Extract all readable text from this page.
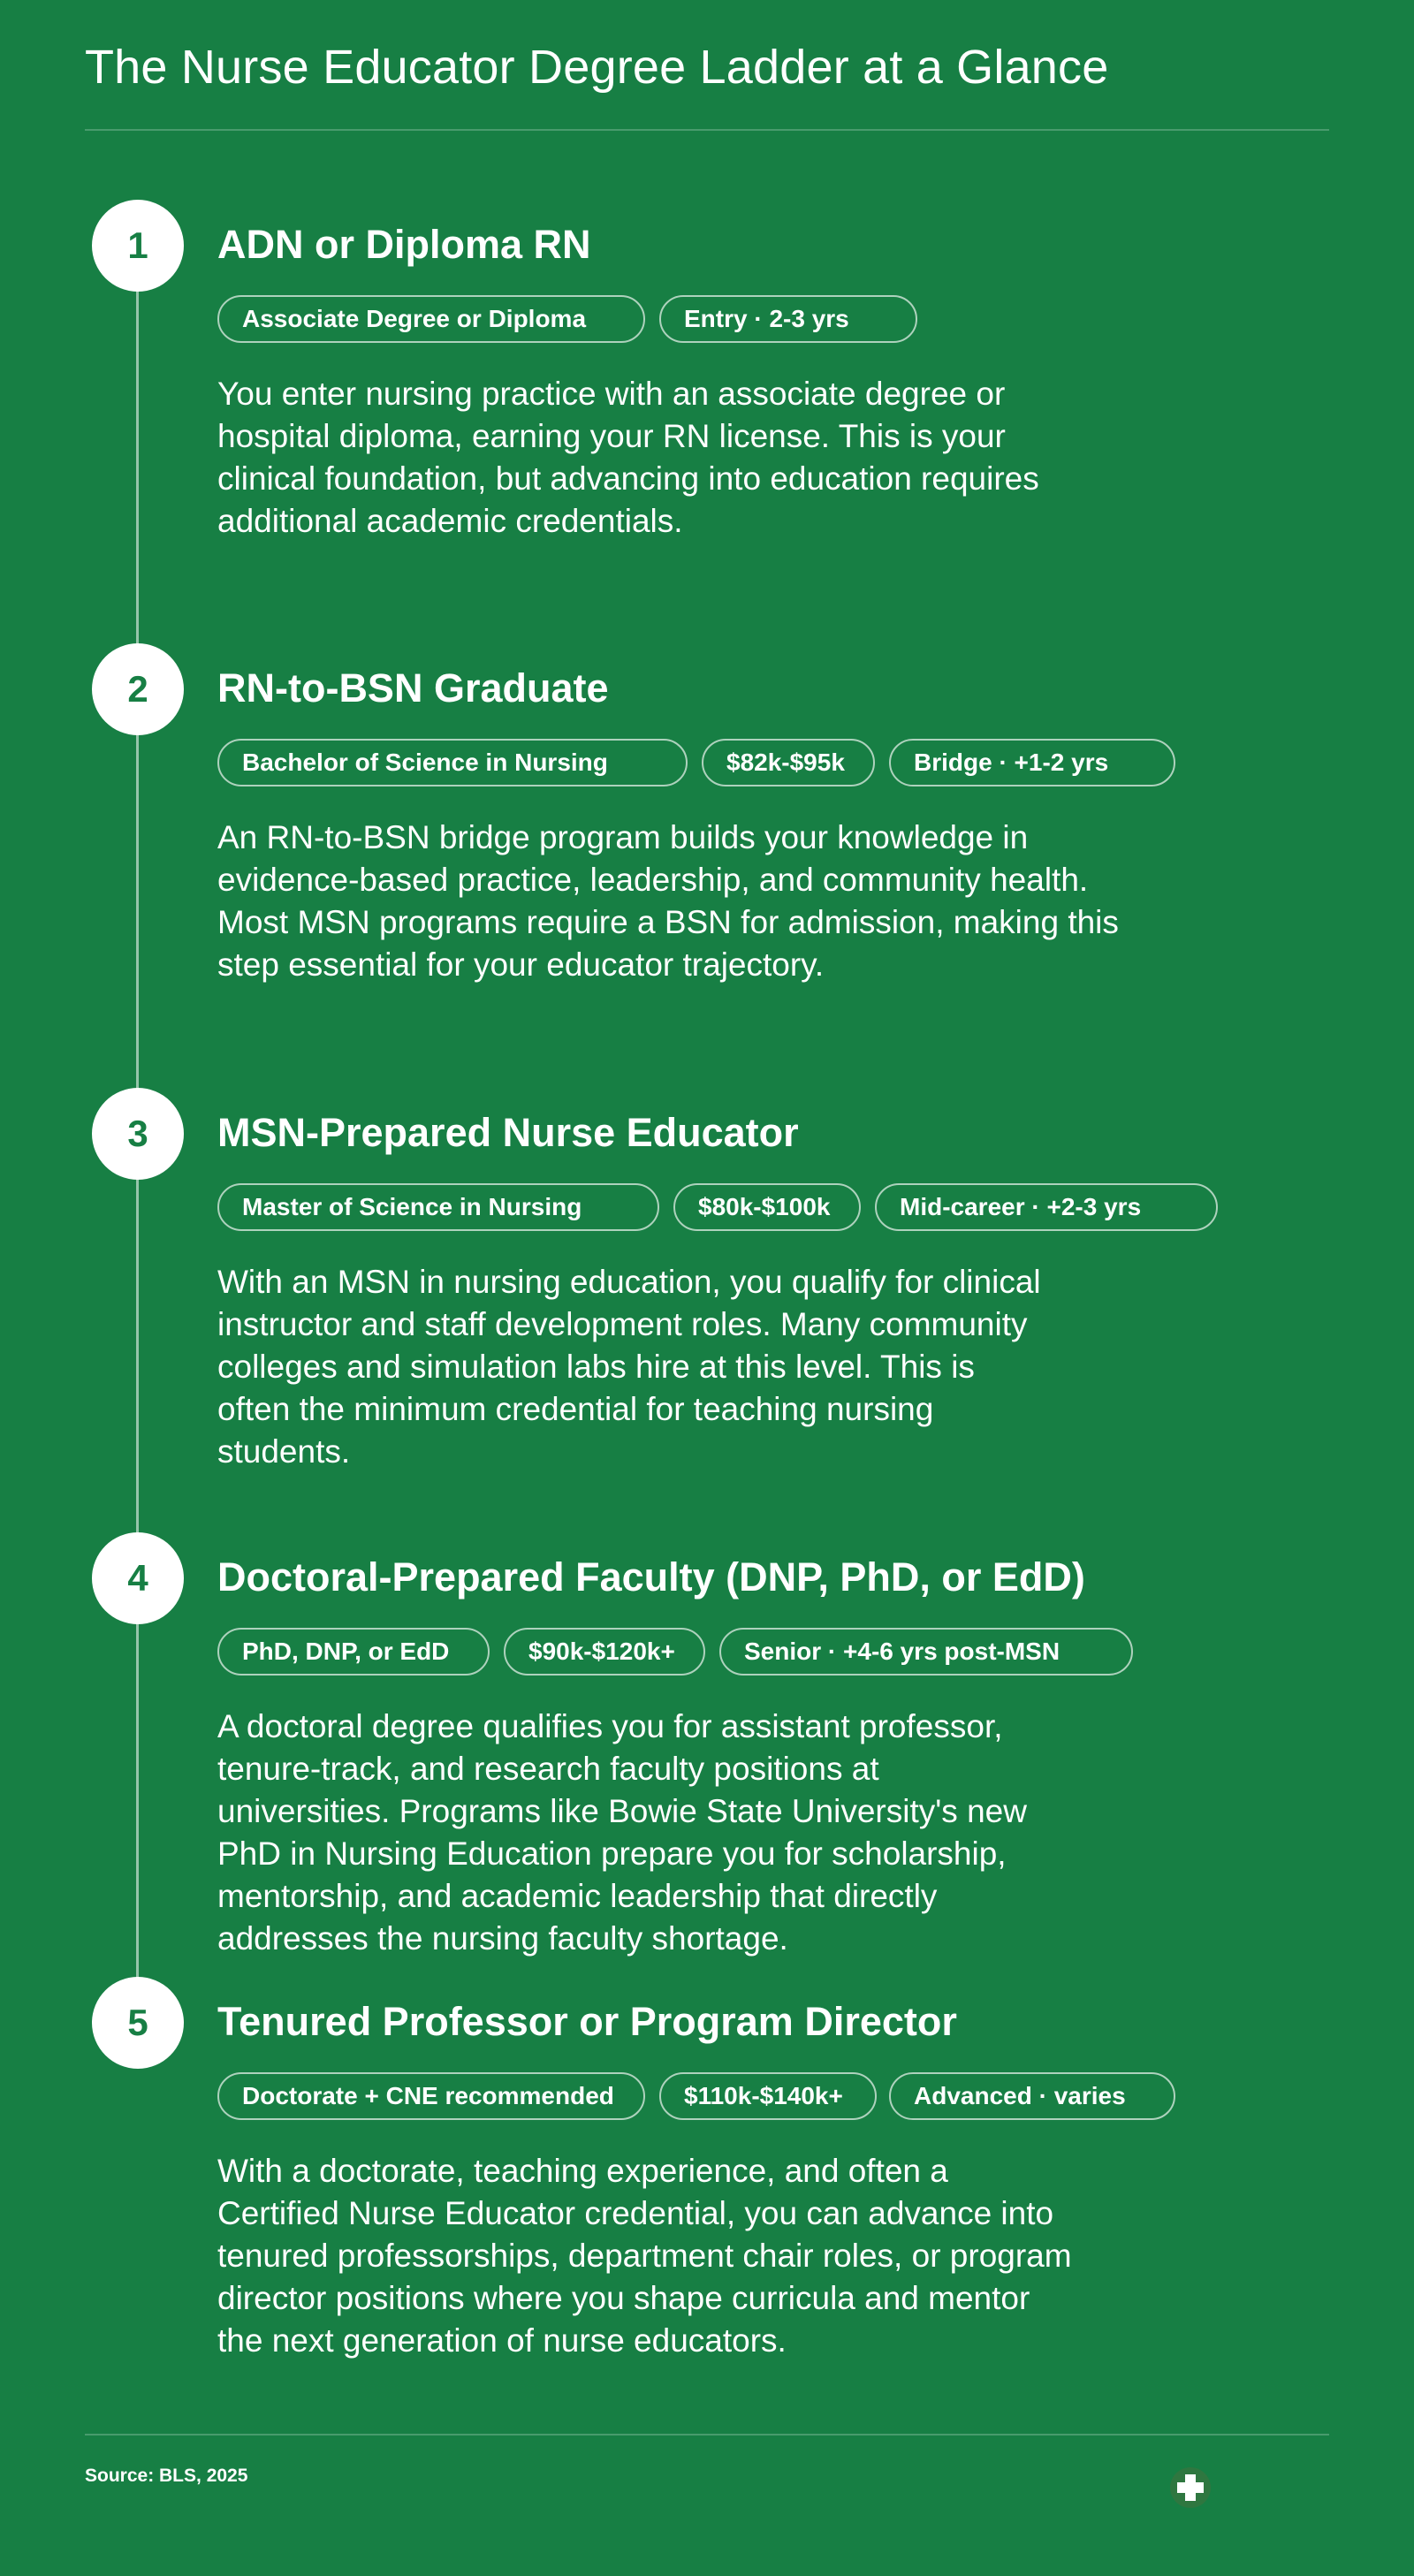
The Nurse Educator Degree Ladder at a Glance
1	ADN or Diploma RN
Associate Degree or Diploma	Entry · 2-3 yrs

You enter nursing practice with an associate degree or
hospital diploma, earning your RN license. This is your
clinical foundation, but advancing into education requires
additional academic credentials.

2	RN-to-BSN Graduate
Bachelor of Science in Nursing	$82k-$95k	Bridge · +1-2 yrs

An RN-to-BSN bridge program builds your knowledge in
evidence-based practice, leadership, and community health.
Most MSN programs require a BSN for admission, making this
step essential for your educator trajectory.

3	MSN-Prepared Nurse Educator
Master of Science in Nursing	$80k-$100k	Mid-career · +2-3 yrs

With an MSN in nursing education, you qualify for clinical
instructor and staff development roles. Many community
colleges and simulation labs hire at this level. This is
often the minimum credential for teaching nursing
students.

4	Doctoral-Prepared Faculty (DNP, PhD, or EdD)
PhD, DNP, or EdD	$90k-$120k+	Senior · +4-6 yrs post-MSN

A doctoral degree qualifies you for assistant professor,
tenure-track, and research faculty positions at
universities. Programs like Bowie State University's new
PhD in Nursing Education prepare you for scholarship,
mentorship, and academic leadership that directly
addresses the nursing faculty shortage.

5	Tenured Professor or Program Director
Doctorate + CNE recommended	$110k-$140k+	Advanced · varies

With a doctorate, teaching experience, and often a
Certified Nurse Educator credential, you can advance into
tenured professorships, department chair roles, or program
director positions where you shape curricula and mentor
the next generation of nurse educators.

Source: BLS, 2025
